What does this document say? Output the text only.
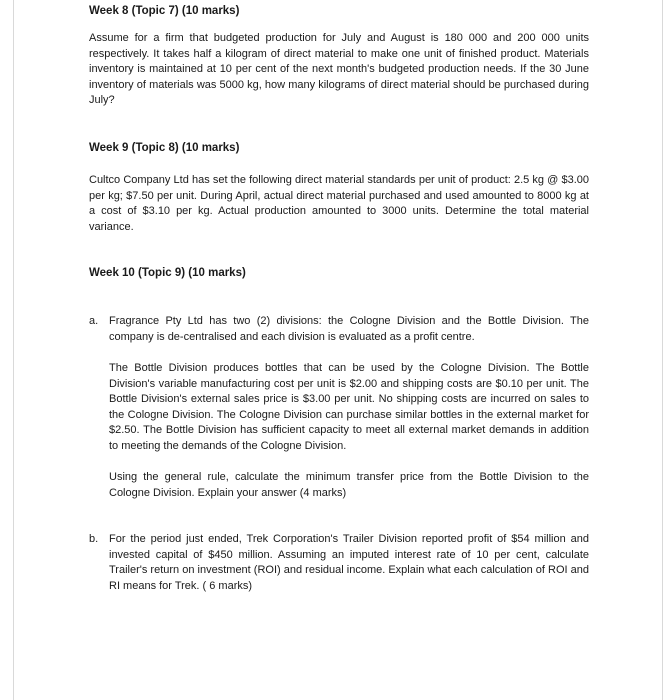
Week 8 (Topic 7) (10 marks)

Assume for a firm that budgeted production for July and August is 180 000 and 200 000 units respectively. It takes half a kilogram of direct material to make one unit of finished product. Materials inventory is maintained at 10 per cent of the next month's budgeted production needs. If the 30 June inventory of materials was 5000 kg, how many kilograms of direct material should be purchased during July?

Week 9 (Topic 8) (10 marks)

Cultco Company Ltd has set the following direct material standards per unit of product: 2.5 kg @ $3.00 per kg; $7.50 per unit. During April, actual direct material purchased and used amounted to 8000 kg at a cost of $3.10 per kg. Actual production amounted to 3000 units. Determine the total material variance.

Week 10 (Topic 9) (10 marks)
a. Fragrance Pty Ltd has two (2) divisions: the Cologne Division and the Bottle Division. The company is de-centralised and each division is evaluated as a profit centre.

The Bottle Division produces bottles that can be used by the Cologne Division. The Bottle Division's variable manufacturing cost per unit is $2.00 and shipping costs are $0.10 per unit. The Bottle Division's external sales price is $3.00 per unit. No shipping costs are incurred on sales to the Cologne Division. The Cologne Division can purchase similar bottles in the external market for $2.50. The Bottle Division has sufficient capacity to meet all external market demands in addition to meeting the demands of the Cologne Division.

Using the general rule, calculate the minimum transfer price from the Bottle Division to the Cologne Division. Explain your answer (4 marks)

b. For the period just ended, Trek Corporation's Trailer Division reported profit of $54 million and invested capital of $450 million. Assuming an imputed interest rate of 10 per cent, calculate Trailer's return on investment (ROI) and residual income. Explain what each calculation of ROI and RI means for Trek. ( 6 marks)
